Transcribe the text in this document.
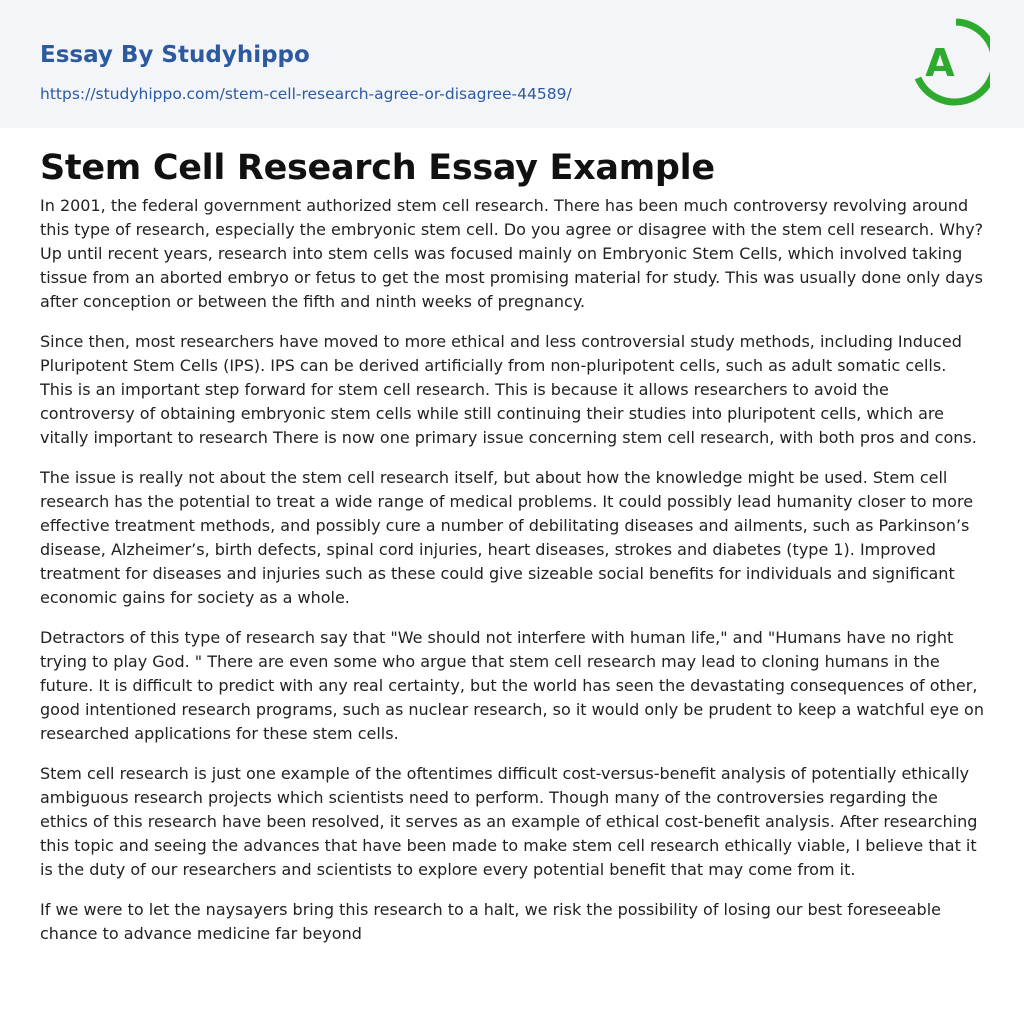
Essay By Studyhippo
https://studyhippo.com/stem-cell-research-agree-or-disagree-44589/
A
Stem Cell Research Essay Example

In 2001, the federal government authorized stem cell research. There has been much controversy revolving around this type of research, especially the embryonic stem cell. Do you agree or disagree with the stem cell research. Why? Up until recent years, research into stem cells was focused mainly on Embryonic Stem Cells, which involved taking tissue from an aborted embryo or fetus to get the most promising material for study. This was usually done only days after conception or between the fifth and ninth weeks of pregnancy.

Since then, most researchers have moved to more ethical and less controversial study methods, including Induced Pluripotent Stem Cells (IPS). IPS can be derived artificially from non-pluripotent cells, such as adult somatic cells. This is an important step forward for stem cell research. This is because it allows researchers to avoid the controversy of obtaining embryonic stem cells while still continuing their studies into pluripotent cells, which are vitally important to research There is now one primary issue concerning stem cell research, with both pros and cons.

The issue is really not about the stem cell research itself, but about how the knowledge might be used. Stem cell research has the potential to treat a wide range of medical problems. It could possibly lead humanity closer to more effective treatment methods, and possibly cure a number of debilitating diseases and ailments, such as Parkinson’s disease, Alzheimer’s, birth defects, spinal cord injuries, heart diseases, strokes and diabetes (type 1). Improved treatment for diseases and injuries such as these could give sizeable social benefits for individuals and significant economic gains for society as a whole.

Detractors of this type of research say that "We should not interfere with human life," and "Humans have no right trying to play God. " There are even some who argue that stem cell research may lead to cloning humans in the future. It is difficult to predict with any real certainty, but the world has seen the devastating consequences of other, good intentioned research programs, such as nuclear research, so it would only be prudent to keep a watchful eye on researched applications for these stem cells.

Stem cell research is just one example of the oftentimes difficult cost-versus-benefit analysis of potentially ethically ambiguous research projects which scientists need to perform. Though many of the controversies regarding the ethics of this research have been resolved, it serves as an example of ethical cost-benefit analysis. After researching this topic and seeing the advances that have been made to make stem cell research ethically viable, I believe that it is the duty of our researchers and scientists to explore every potential benefit that may come from it.

If we were to let the naysayers bring this research to a halt, we risk the possibility of losing our best foreseeable chance to advance medicine far beyond
